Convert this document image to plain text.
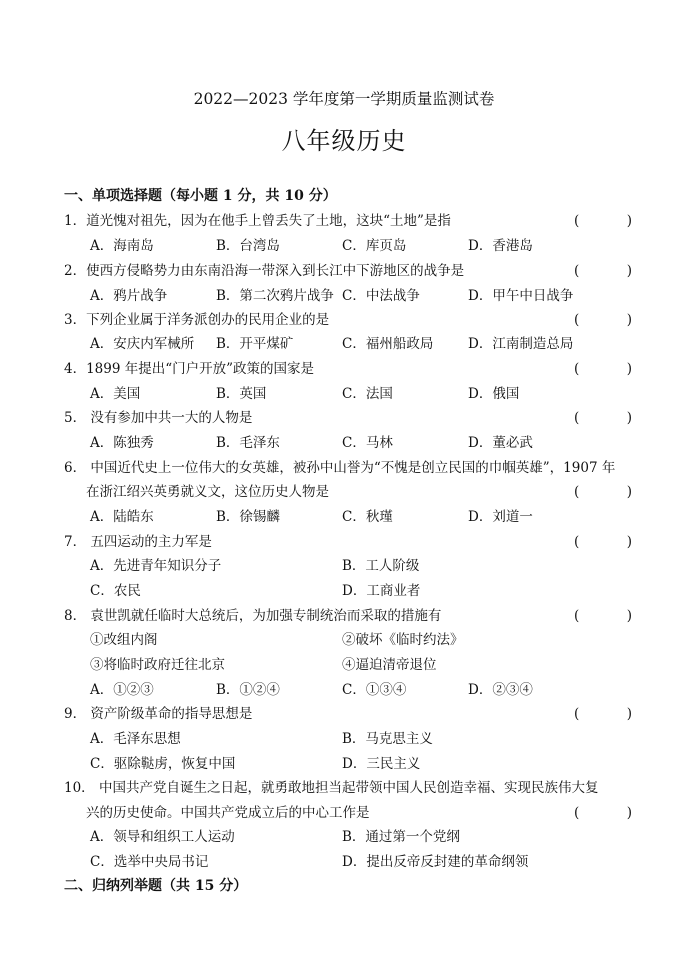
2022—2023 学年度第一学期质量监测试卷
八年级历史
一、单项选择题（每小题 1 分，共 10 分）
1．道光愧对祖先，因为在他手上曾丢失了土地，这块“土地”是指	(	)
A．海南岛	B．台湾岛	C．库页岛	D．香港岛
2．使西方侵略势力由东南沿海一带深入到长江中下游地区的战争是	(	)
A．鸦片战争	B．第二次鸦片战争 C．中法战争	D．甲午中日战争
3．下列企业属于洋务派创办的民用企业的是	(	)
A．安庆内军械所 B．开平煤矿	C．福州船政局	D．江南制造总局
4．1899 年提出“门户开放”政策的国家是	(	)
A．美国	B．英国	C．法国	D．俄国
5． 没有参加中共一大的人物是	(	)
A．陈独秀	B．毛泽东	C．马林	D．董必武
6． 中国近代史上一位伟大的女英雄，被孙中山誉为“不愧是创立民国的巾帼英雄”，1907 年
在浙江绍兴英勇就义文，这位历史人物是	(	)
A．陆皓东	B．徐锡麟	C．秋瑾	D．刘道一
7． 五四运动的主力军是	(	)
A．先进青年知识分子	B．工人阶级
C．农民	D．工商业者
8． 袁世凯就任临时大总统后，为加强专制统治而采取的措施有	(	)
①改组内阁	②破坏《临时约法》
③将临时政府迁往北京	④逼迫清帝退位
A．①②③	B．①②④	C．①③④	D．②③④
9． 资产阶级革命的指导思想是	(	)
A．毛泽东思想	B．马克思主义
C．驱除鞑虏，恢复中国	D．三民主义
10． 中国共产党自诞生之日起，就勇敢地担当起带领中国人民创造幸福、实现民族伟大复
兴的历史使命。中国共产党成立后的中心工作是	(	)
A．领导和组织工人运动	B．通过第一个党纲
C．选举中央局书记	D．提出反帝反封建的革命纲领
二、归纳列举题（共 15 分）
